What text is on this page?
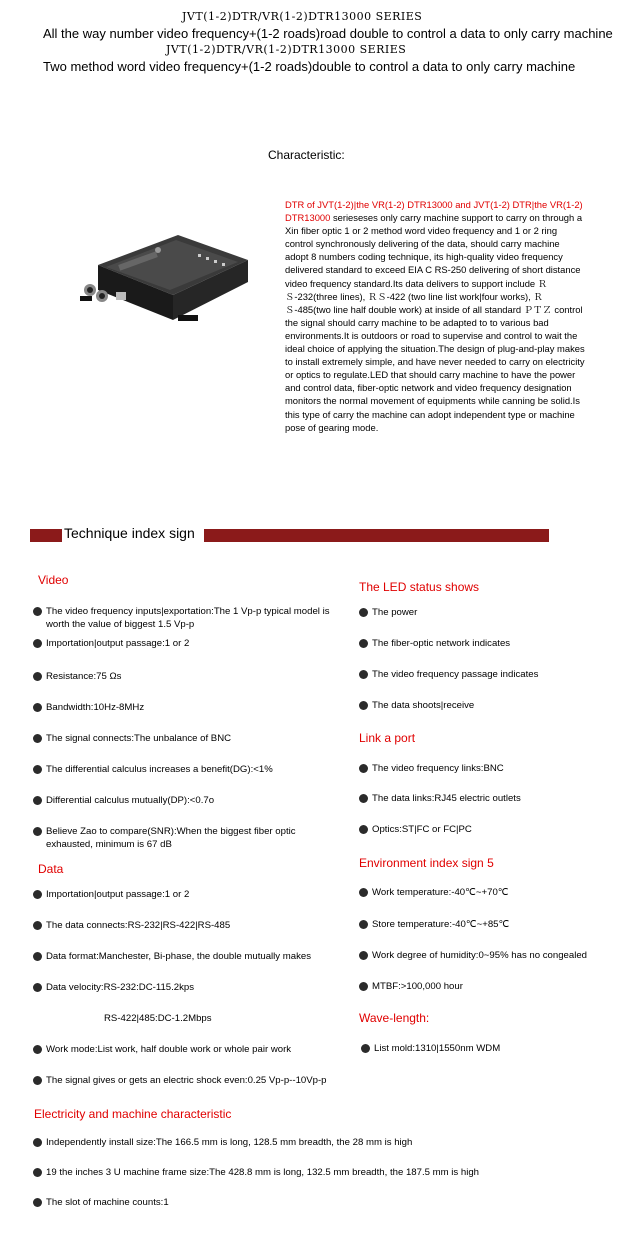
JVT(1-2)DTR/VR(1-2)DTR13000 SERIES
All the way number video frequency+(1-2 roads)road double to control a data to only carry machine
JVT(1-2)DTR/VR(1-2)DTR13000 SERIES
Two method word video frequency+(1-2 roads)double to control a data to only carry machine
Characteristic:
DTR of JVT(1-2)|the VR(1-2) DTR13000 and JVT(1-2) DTR|the VR(1-2) DTR13000 serieseses only carry machine support to carry on through a Xin fiber optic 1 or 2 method word video frequency and 1 or 2 ring control synchronously delivering of the data, should carry machine adopt 8 numbers coding technique, its high-quality video frequency delivered standard to exceed EIA C RS-250 delivering of short distance video frequency standard.Its data delivers to support include ＲＳ-232(three lines), ＲＳ-422 (two line list work|four works), ＲＳ-485(two line half double work) at inside of all standard ＰＴＺ control the signal should carry machine to be adapted to to various bad environments.It is outdoors or road to supervise and control to wait the ideal choice of applying the situation.The design of plug-and-play makes to install extremely simple, and have never needed to carry on electricity or optics to regulate.LED that should carry machine to have the power and control data, fiber-optic network and video frequency designation monitors the normal movement of equipments while canning be solid.Is this type of carry the machine can adopt independent type or machine pose of gearing mode.
Technique index sign
Video
The video frequency inputs|exportation:The 1 Vp-p typical model is worth the value of biggest 1.5 Vp-p
Importation|output passage:1 or 2
Resistance:75 Ωs
Bandwidth:10Hz-8MHz
The signal connects:The unbalance of BNC
The differential calculus increases a benefit(DG):<1%
Differential calculus mutually(DP):<0.7o
Believe Zao to compare(SNR):When the biggest fiber optic exhausted, minimum is 67 dB
Data
Importation|output passage:1 or 2
The data connects:RS-232|RS-422|RS-485
Data format:Manchester, Bi-phase, the double mutually makes
Data velocity:RS-232:DC-115.2kps
RS-422|485:DC-1.2Mbps
Work mode:List work, half double work or whole pair work
The signal gives or gets an electric shock even:0.25 Vp-p--10Vp-p
The LED status shows
The power
The fiber-optic network indicates
The video frequency passage indicates
The data shoots|receive
Link a port
The video frequency links:BNC
The data links:RJ45 electric outlets
Optics:ST|FC or FC|PC
Environment index sign 5
Work temperature:-40℃~+70℃
Store temperature:-40℃~+85℃
Work degree of humidity:0~95% has no congealed
MTBF:>100,000 hour
Wave-length:
List mold:1310|1550nm WDM
Electricity and machine characteristic
Independently install size:The 166.5 mm is long, 128.5 mm breadth, the 28 mm is high
19 the inches 3 U machine frame size:The 428.8 mm is long, 132.5 mm breadth, the 187.5 mm is high
The slot of machine counts:1
